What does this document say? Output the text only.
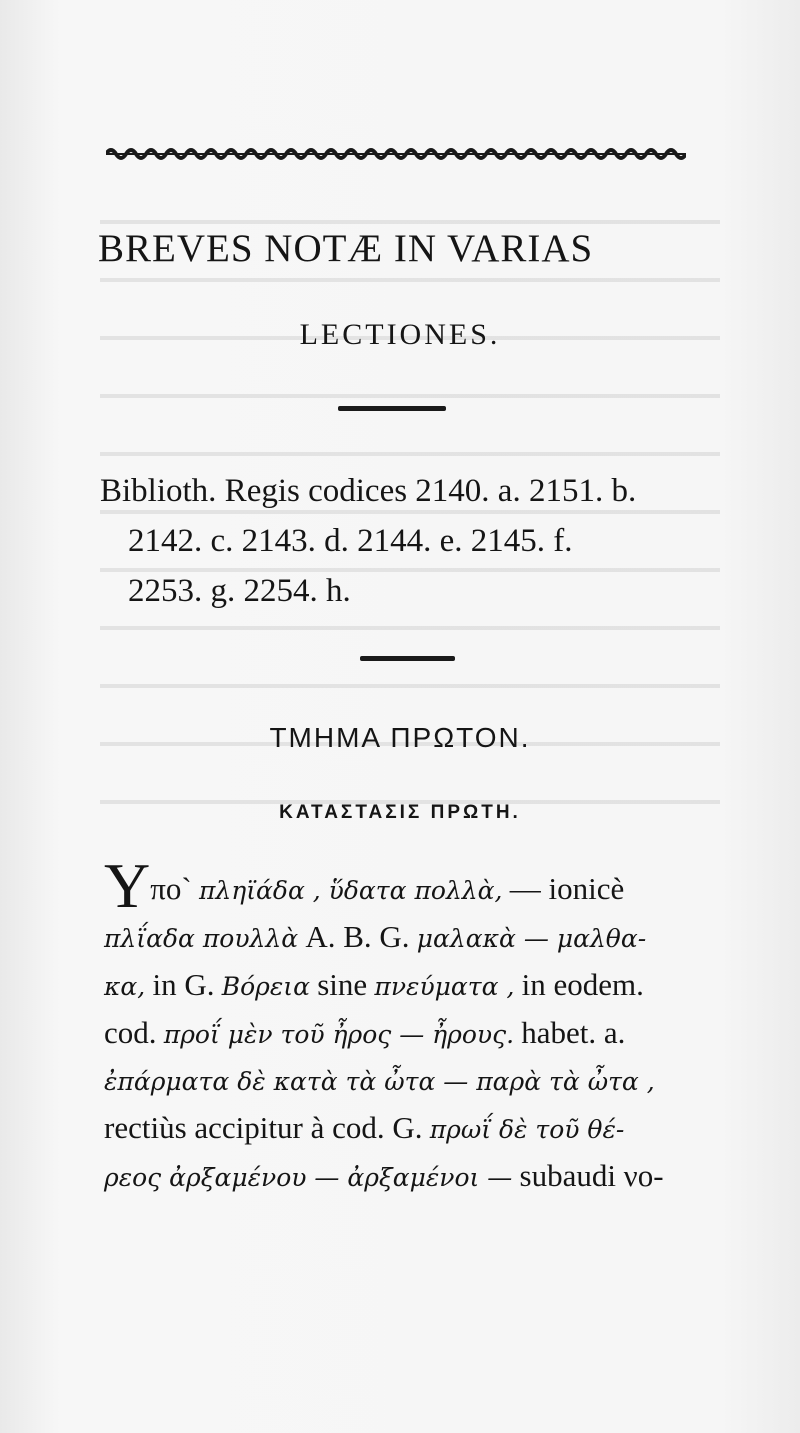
BREVES NOTÆ IN VARIAS
LECTIONES.
Biblioth. Regis codices 2140. a. 2151. b.

2142. c. 2143. d. 2144. e. 2145. f.
2253. g. 2254. h.
ΤΜΗΜΑ ΠΡΩΤΟΝ.
ΚΑΤΑΣΤΑΣΙΣ ΠΡΩΤΗ.
Υπο` πληϊάδα , ὕδατα πολλὰ, — ionicè
πλΐαδα πουλλὰ A. B. G. μαλακὰ — μαλθα-
κα, in G. Βόρεια sine πνεύματα , in eodem.
cod. προΐ μὲν τοῦ ἦρος — ἦρους. habet. a.
ἐπάρματα δὲ κατὰ τὰ ὦτα — παρὰ τὰ ὦτα ,
rectiùs accipitur à cod. G. πρωΐ δὲ τοῦ θέ-
ρεος ἀρξαμένου — ἀρξαμένοι — subaudi νο-
